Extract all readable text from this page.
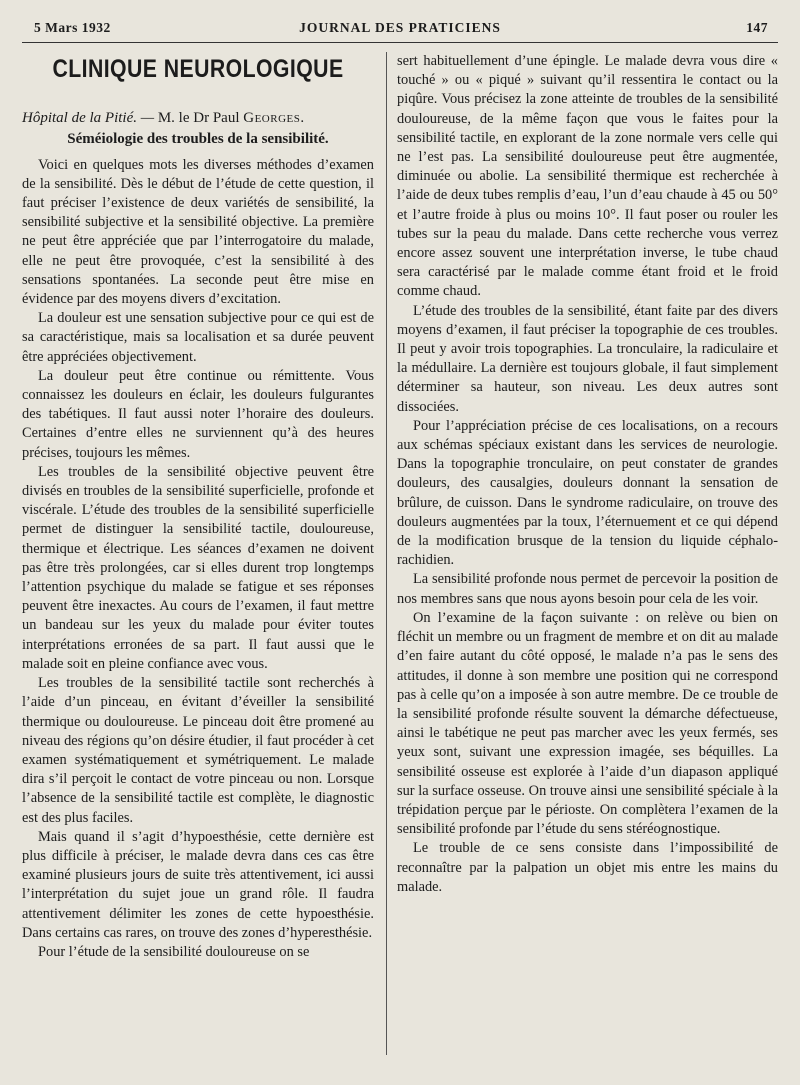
5 Mars 1932	JOURNAL DES PRATICIENS	147
CLINIQUE NEUROLOGIQUE

Hôpital de la Pitié. — M. le Dr Paul Georges.

Séméiologie des troubles de la sensibilité.

Voici en quelques mots les diverses méthodes d’examen de la sensibilité. Dès le début de l’étude de cette question, il faut préciser l’existence de deux variétés de sensibilité, la sensibilité subjective et la sensibilité objective. La première ne peut être appréciée que par l’interrogatoire du malade, elle ne peut être provoquée, c’est la sensibilité à des sensations spontanées. La seconde peut être mise en évidence par des moyens divers d’excitation.

La douleur est une sensation subjective pour ce qui est de sa caractéristique, mais sa localisation et sa durée peuvent être appréciées objectivement.

La douleur peut être continue ou rémittente. Vous connaissez les douleurs en éclair, les douleurs fulgurantes des tabétiques. Il faut aussi noter l’horaire des douleurs. Certaines d’entre elles ne surviennent qu’à des heures précises, toujours les mêmes.

Les troubles de la sensibilité objective peuvent être divisés en troubles de la sensibilité superficielle, profonde et viscérale. L’étude des troubles de la sensibilité superficielle permet de distinguer la sensibilité tactile, douloureuse, thermique et électrique. Les séances d’examen ne doivent pas être très prolongées, car si elles durent trop longtemps l’attention psychique du malade se fatigue et ses réponses peuvent être inexactes. Au cours de l’examen, il faut mettre un bandeau sur les yeux du malade pour éviter toutes interprétations erronées de sa part. Il faut aussi que le malade soit en pleine confiance avec vous.

Les troubles de la sensibilité tactile sont recherchés à l’aide d’un pinceau, en évitant d’éveiller la sensibilité thermique ou douloureuse. Le pinceau doit être promené au niveau des régions qu’on désire étudier, il faut procéder à cet examen systématiquement et symétriquement. Le malade dira s’il perçoit le contact de votre pinceau ou non. Lorsque l’absence de la sensibilité tactile est complète, le diagnostic est des plus faciles.

Mais quand il s’agit d’hypoesthésie, cette dernière est plus difficile à préciser, le malade devra dans ces cas être examiné plusieurs jours de suite très attentivement, ici aussi l’interprétation du sujet joue un grand rôle. Il faudra attentivement délimiter les zones de cette hypoesthésie. Dans certains cas rares, on trouve des zones d’hyperesthésie.

Pour l’étude de la sensibilité douloureuse on se

sert habituellement d’une épingle. Le malade devra vous dire « touché » ou « piqué » suivant qu’il ressentira le contact ou la piqûre. Vous précisez la zone atteinte de troubles de la sensibilité douloureuse, de la même façon que vous le faites pour la sensibilité tactile, en explorant de la zone normale vers celle qui ne l’est pas. La sensibilité douloureuse peut être augmentée, diminuée ou abolie. La sensibilité thermique est recherchée à l’aide de deux tubes remplis d’eau, l’un d’eau chaude à 45 ou 50° et l’autre froide à plus ou moins 10°. Il faut poser ou rouler les tubes sur la peau du malade. Dans cette recherche vous verrez encore assez souvent une interprétation inverse, le tube chaud sera caractérisé par le malade comme étant froid et le froid comme chaud.

L’étude des troubles de la sensibilité, étant faite par des divers moyens d’examen, il faut préciser la topographie de ces troubles. Il peut y avoir trois topographies. La tronculaire, la radiculaire et la médullaire. La dernière est toujours globale, il faut simplement déterminer sa hauteur, son niveau. Les deux autres sont dissociées.

Pour l’appréciation précise de ces localisations, on a recours aux schémas spéciaux existant dans les services de neurologie. Dans la topographie tronculaire, on peut constater de grandes douleurs, des causalgies, douleurs donnant la sensation de brûlure, de cuisson. Dans le syndrome radiculaire, on trouve des douleurs augmentées par la toux, l’éternuement et ce qui dépend de la modification brusque de la tension du liquide céphalo-rachidien.

La sensibilité profonde nous permet de percevoir la position de nos membres sans que nous ayons besoin pour cela de les voir.

On l’examine de la façon suivante : on relève ou bien on fléchit un membre ou un fragment de membre et on dit au malade d’en faire autant du côté opposé, le malade n’a pas le sens des attitudes, il donne à son membre une position qui ne correspond pas à celle qu’on a imposée à son autre membre. De ce trouble de la sensibilité profonde résulte souvent la démarche défectueuse, ainsi le tabétique ne peut pas marcher avec les yeux fermés, ses yeux sont, suivant une expression imagée, ses béquilles. La sensibilité osseuse est explorée à l’aide d’un diapason appliqué sur la surface osseuse. On trouve ainsi une sensibilité spéciale à la trépidation perçue par le périoste. On complètera l’examen de la sensibilité profonde par l’étude du sens stéréognostique.

Le trouble de ce sens consiste dans l’impossibilité de reconnaître par la palpation un objet mis entre les mains du malade.
